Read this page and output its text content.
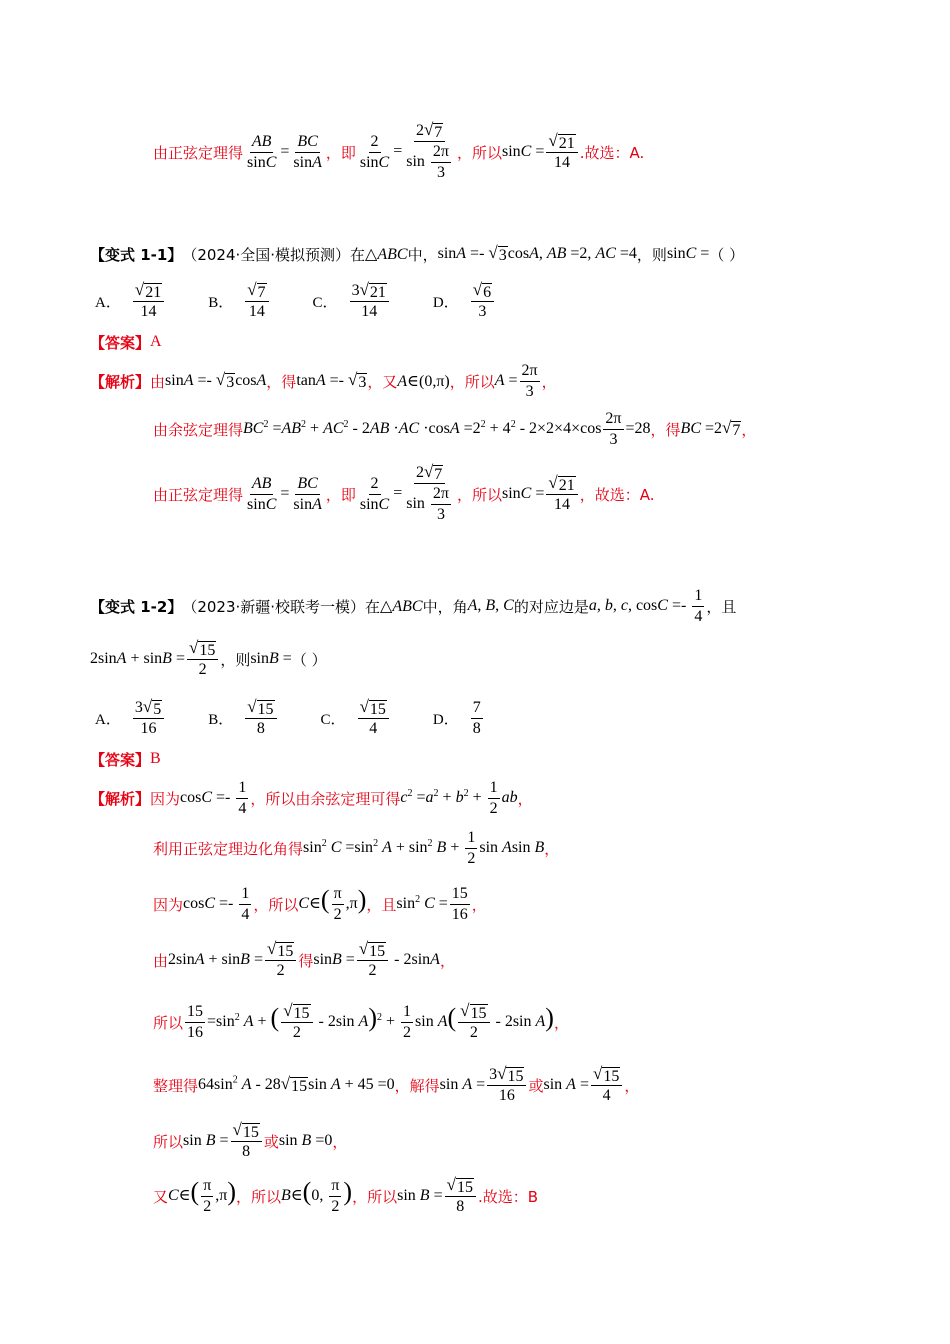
由正弦定理得 $\frac{AB}{\sin C} = \frac{BC}{\sin A}$ ，即 $\frac{2}{\sin C} = \frac{2 √ 7}{\sin \frac{2\pi}{3}}$ ，所以 $\sin C = \frac{√ 21}{14}$ .故选：A.
【变式 1-1】 （2024·全国·模拟预测）在 △ABC 中， sinA =- √ 3 cosA, AB =2, AC =4 ，则 sinC = （ ）
A． $\frac{√ 21}{14}$	B． $\frac{√ 7}{14}$	C． $\frac{3 √ 21}{14}$	D． $\frac{√ 6}{3}$
【答案】 A
【解析】 由 sinA =- √ 3 cosA ，得 tanA =- √ 3 ，又 A∈(0,π) ，所以 $A = \frac{2\pi}{3}$ ，
由余弦定理得 $BC^2 =AB^2 + AC^2 - 2AB \cdot AC \cdot\cos A =2^2 + 4^2 - 2\times 2\times 4\times\cos \frac{2\pi}{3} =28$ ，得 BC =2 √ 7 ，
由正弦定理得 $\frac{AB}{\sin C} = \frac{BC}{\sin A}$ ，即 $\frac{2}{\sin C} = \frac{2 √ 7}{\sin \frac{2\pi}{3}}$ ，所以 $\sin C = \frac{√ 21}{14}$ ，故选：A.
【变式 1-2】 （2023·新疆·校联考一模）在 △ABC 中，角 A, B, C 的对应边是 a, b, c, $\cos C =- \frac{1}{4}$ ，且
$2\sin A + \sin B = \frac{√ 15}{2}$ ，则 sinB = （ ）
A． $\frac{3 √ 5}{16}$	B． $\frac{√ 15}{8}$	C． $\frac{√ 15}{4}$	D． $\frac{7}{8}$
【答案】 B
【解析】 因为 $\cos C =- \frac{1}{4}$ ，所以由余弦定理可得 $c^2 =a^2 + b^2 + \frac{1}{2}$ ab ，
利用正弦定理边化角得 $\sin^2 C =\sin^2$ $A + \sin^2 B + \frac{1}{2}$ sin Asin B ，
因为 $\cos C =- \frac{1}{4}$ ，所以 C∈( $\frac{\pi}{2} ,\pi$) ，且 $\sin^2 C = \frac{15}{16}$ ，
由 $2\sin A + \sin B = \frac{√ 15}{2}$ 得 $\sin B = \frac{√ 15}{2} - 2\sin A$ ，
所以 $\frac{15}{16} =\sin^2$ A + ( $\frac{√ 15}{2} - 2\sin$ $A)^2 + \frac{1}{2}$ $\sin A( \frac{√ 15}{2} - 2\sin$ A) ，
整理得 $64\sin^2$ A - 28 √ 15 sin A + 45 =0 ，解得 $\sin A = \frac{3 √ 15}{16}$ 或 $\sin A = \frac{√ 15}{4}$ ，
所以 $\sin B = \frac{√ 15}{8}$ 或 sin B =0 ，
又 C∈( $\frac{\pi}{2} ,\pi$) ，所以 B∈(0, $\frac{\pi}{2}$ ) ，所以 $\sin B = \frac{√ 15}{8}$ .故选：B
